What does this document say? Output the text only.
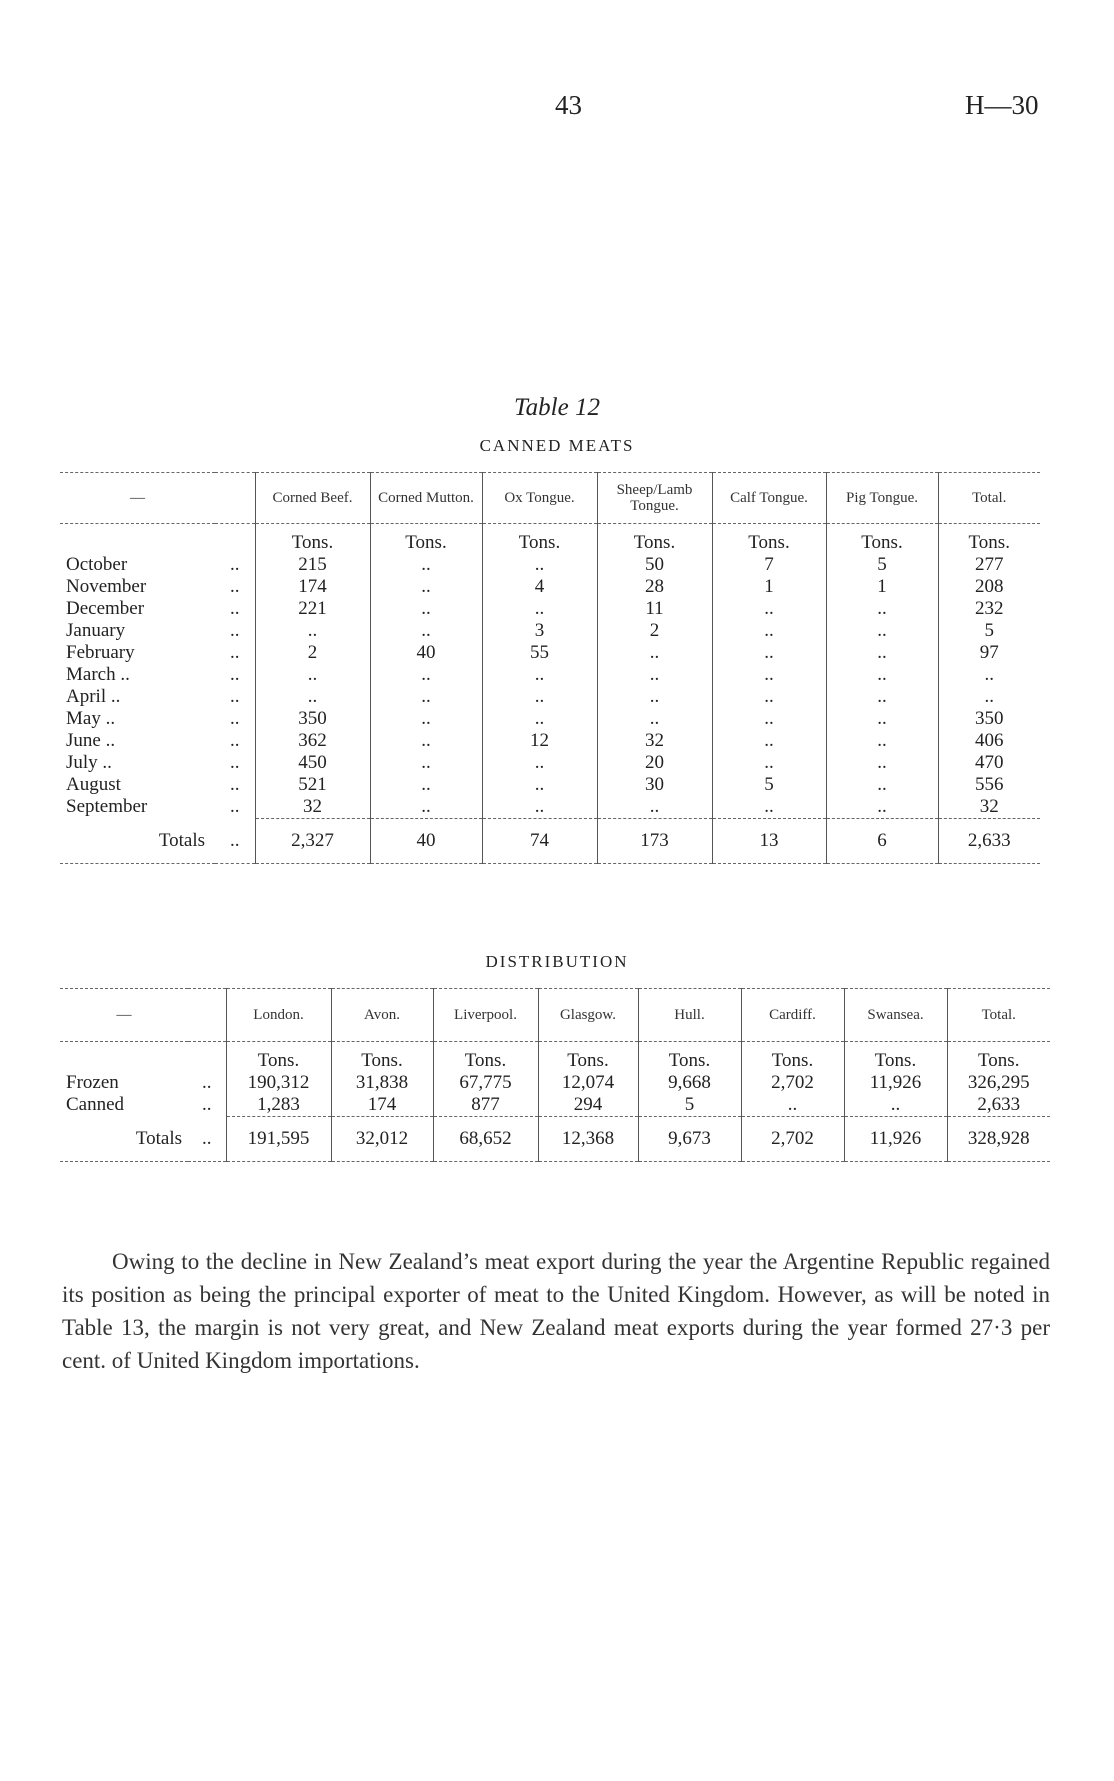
43	H—30
Table 12
CANNED MEATS
—		Corned Beef.	Corned Mutton.	Ox Tongue.	Sheep/Lamb Tongue.	Calf Tongue.	Pig Tongue.	Total.
		Tons.	Tons.	Tons.	Tons.	Tons.	Tons.	Tons.
October	..	215	..	..	50	7	5	277
November	..	174	..	4	28	1	1	208
December	..	221	..	..	11	..	..	232
January	..	..	..	3	2	..	..	5
February	..	2	40	55	..	..	..	97
March ..	..	..	..	..	..	..	..	..
April ..	..	..	..	..	..	..	..	..
May ..	..	350	..	..	..	..	..	350
June ..	..	362	..	12	32	..	..	406
July ..	..	450	..	..	20	..	..	470
August	..	521	..	..	30	5	..	556
September	..	32	..	..	..	..	..	32
Totals	..	2,327	40	74	173	13	6	2,633
DISTRIBUTION
—		London.	Avon.	Liverpool.	Glasgow.	Hull.	Cardiff.	Swansea.	Total.
		Tons.	Tons.	Tons.	Tons.	Tons.	Tons.	Tons.	Tons.
Frozen	..	190,312	31,838	67,775	12,074	9,668	2,702	11,926	326,295
Canned	..	1,283	174	877	294	5	..	..	2,633
Totals	..	191,595	32,012	68,652	12,368	9,673	2,702	11,926	328,928

Owing to the decline in New Zealand’s meat export during the year the Argentine Republic regained its position as being the principal exporter of meat to the United Kingdom. However, as will be noted in Table 13, the margin is not very great, and New Zealand meat exports during the year formed 27·3 per cent. of United Kingdom importations.
